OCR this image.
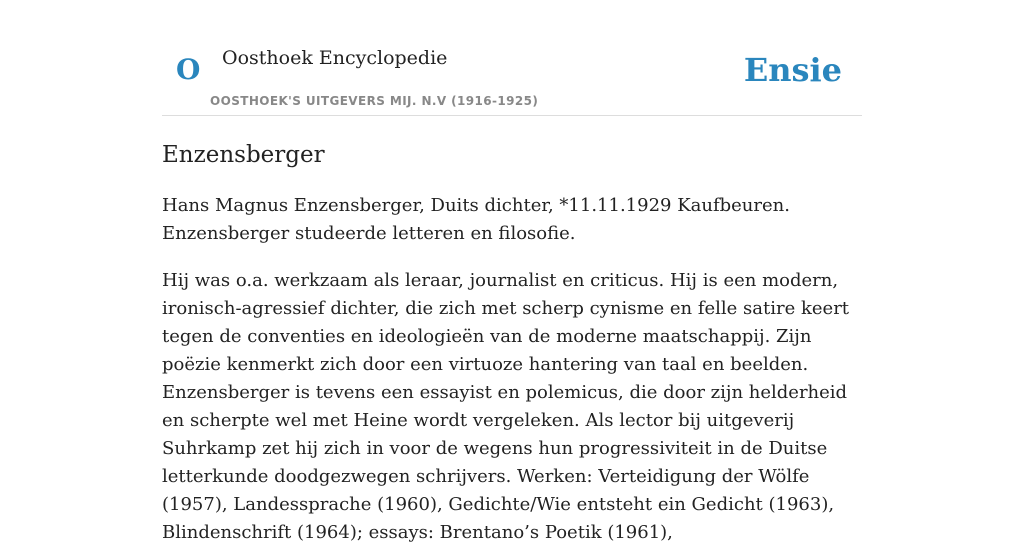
O Oosthoek Encyclopedie
OOSTHOEK'S UITGEVERS MIJ. N.V (1916-1925)
Ensie
Enzensberger

Hans Magnus Enzensberger, Duits dichter, *11.11.1929 Kaufbeuren. Enzensberger studeerde letteren en filosofie.

Hij was o.a. werkzaam als leraar, journalist en criticus. Hij is een modern, ironisch-agressief dichter, die zich met scherp cynisme en felle satire keert tegen de conventies en ideologieën van de moderne maatschappij. Zijn poëzie kenmerkt zich door een virtuoze hantering van taal en beelden. Enzensberger is tevens een essayist en polemicus, die door zijn helderheid en scherpte wel met Heine wordt vergeleken. Als lector bij uitgeverij Suhrkamp zet hij zich in voor de wegens hun progressiviteit in de Duitse letterkunde doodgezwegen schrijvers. Werken: Verteidigung der Wölfe (1957), Landessprache (1960), Gedichte/Wie entsteht ein Gedicht (1963), Blindenschrift (1964); essays: Brentano’s Poetik (1961),
